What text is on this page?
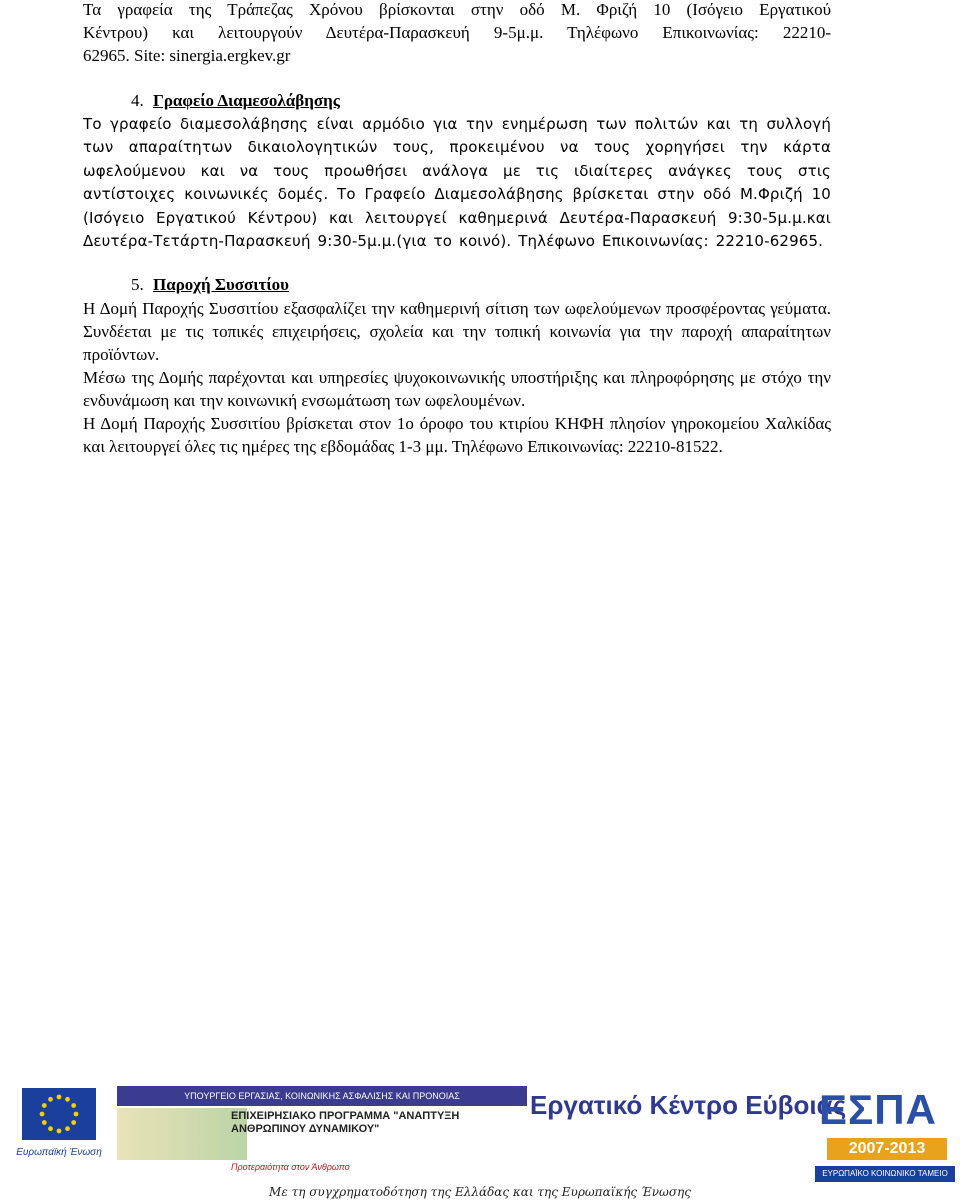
Τα γραφεία της Τράπεζας Χρόνου βρίσκονται στην οδό Μ. Φριζή 10 (Ισόγειο Εργατικού
Κέντρου) και λειτουργούν Δευτέρα-Παρασκευή 9-5μ.μ. Τηλέφωνο Επικοινωνίας: 22210-
62965. Site: sinergia.ergkev.gr
4. Γραφείο Διαμεσολάβησης

Το γραφείο διαμεσολάβησης είναι αρμόδιο για την ενημέρωση των πολιτών και τη συλλογή των απαραίτητων δικαιολογητικών τους, προκειμένου να τους χορηγήσει την κάρτα ωφελούμενου και να τους προωθήσει ανάλογα με τις ιδιαίτερες ανάγκες τους στις αντίστοιχες κοινωνικές δομές. Το Γραφείο Διαμεσολάβησης βρίσκεται στην οδό Μ.Φριζή 10 (Ισόγειο Εργατικού Κέντρου) και λειτουργεί καθημερινά Δευτέρα-Παρασκευή 9:30-5μ.μ.και Δευτέρα-Τετάρτη-Παρασκευή 9:30-5μ.μ.(για το κοινό). Τηλέφωνο Επικοινωνίας: 22210-62965.

5. Παροχή Συσσιτίου

Η Δομή Παροχής Συσσιτίου εξασφαλίζει την καθημερινή σίτιση των ωφελούμενων προσφέροντας γεύματα. Συνδέεται με τις τοπικές επιχειρήσεις, σχολεία και την τοπική κοινωνία για την παροχή απαραίτητων προϊόντων.

Μέσω της Δομής παρέχονται και υπηρεσίες ψυχοκοινωνικής υποστήριξης και πληροφόρησης με στόχο την ενδυνάμωση και την κοινωνική ενσωμάτωση των ωφελουμένων.

Η Δομή Παροχής Συσσιτίου βρίσκεται στον 1ο όροφο του κτιρίου ΚΗΦΗ πλησίον γηροκομείου Χαλκίδας και λειτουργεί όλες τις ημέρες της εβδομάδας 1-3 μμ. Τηλέφωνο Επικοινωνίας: 22210-81522.

Ευρωπαϊκή Ένωση
ΥΠΟΥΡΓΕΙΟ ΕΡΓΑΣΙΑΣ, ΚΟΙΝΩΝΙΚΗΣ ΑΣΦΑΛΙΣΗΣ ΚΑΙ ΠΡΟΝΟΙΑΣ
ΕΠΙΧΕΙΡΗΣΙΑΚΟ ΠΡΟΓΡΑΜΜΑ "ΑΝΑΠΤΥΞΗ ΑΝΘΡΩΠΙΝΟΥ ΔΥΝΑΜΙΚΟΥ"
Προτεραιότητα στον Άνθρωπο
Εργατικό Κέντρο Εύβοιας
ΕΣΠΑ
2007-2013
ΕΥΡΩΠΑΪΚΟ ΚΟΙΝΩΝΙΚΟ ΤΑΜΕΙΟ
Με τη συγχρηματοδότηση της Ελλάδας και της Ευρωπαϊκής Ένωσης
